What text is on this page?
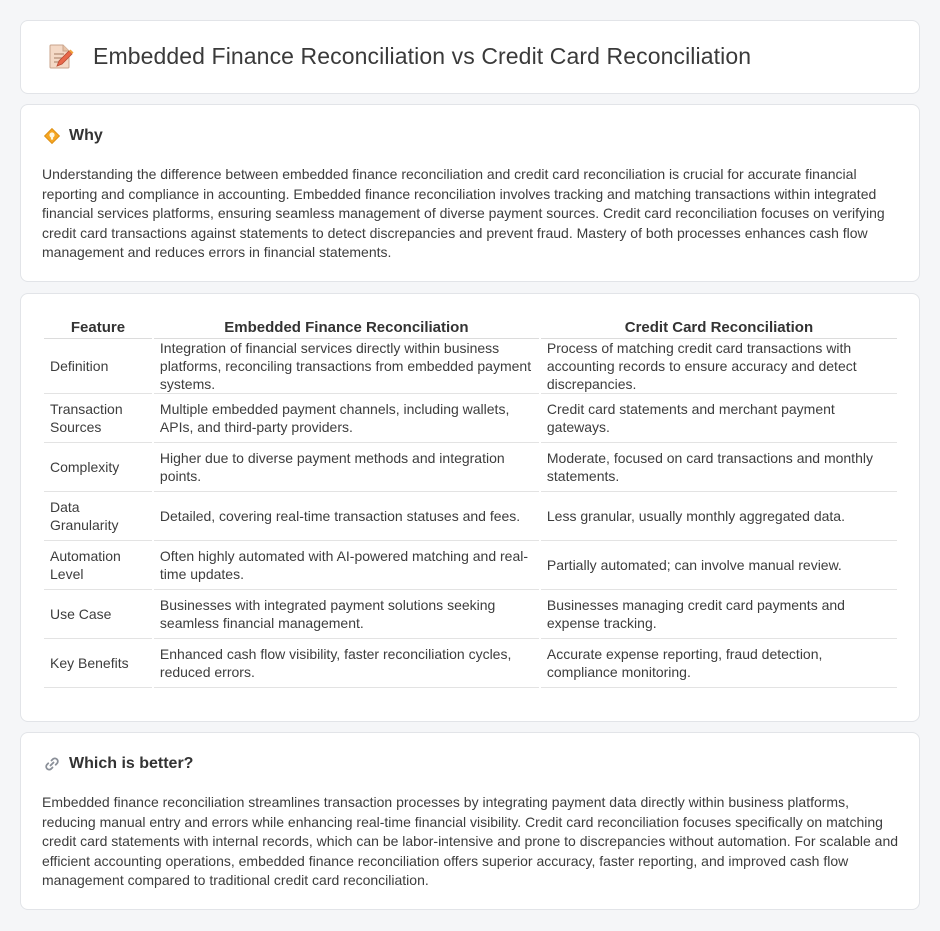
Embedded Finance Reconciliation vs Credit Card Reconciliation
Why

Understanding the difference between embedded finance reconciliation and credit card reconciliation is crucial for accurate financial reporting and compliance in accounting. Embedded finance reconciliation involves tracking and matching transactions within integrated financial services platforms, ensuring seamless management of diverse payment sources. Credit card reconciliation focuses on verifying credit card transactions against statements to detect discrepancies and prevent fraud. Mastery of both processes enhances cash flow management and reduces errors in financial statements.

Feature	Embedded Finance Reconciliation	Credit Card Reconciliation
Definition	Integration of financial services directly within business platforms, reconciling transactions from embedded payment systems.	Process of matching credit card transactions with accounting records to ensure accuracy and detect discrepancies.
Transaction Sources	Multiple embedded payment channels, including wallets, APIs, and third-party providers.	Credit card statements and merchant payment gateways.
Complexity	Higher due to diverse payment methods and integration points.	Moderate, focused on card transactions and monthly statements.
Data Granularity	Detailed, covering real-time transaction statuses and fees.	Less granular, usually monthly aggregated data.
Automation Level	Often highly automated with AI-powered matching and real-time updates.	Partially automated; can involve manual review.
Use Case	Businesses with integrated payment solutions seeking seamless financial management.	Businesses managing credit card payments and expense tracking.
Key Benefits	Enhanced cash flow visibility, faster reconciliation cycles, reduced errors.	Accurate expense reporting, fraud detection, compliance monitoring.
Which is better?

Embedded finance reconciliation streamlines transaction processes by integrating payment data directly within business platforms, reducing manual entry and errors while enhancing real-time financial visibility. Credit card reconciliation focuses specifically on matching credit card statements with internal records, which can be labor-intensive and prone to discrepancies without automation. For scalable and efficient accounting operations, embedded finance reconciliation offers superior accuracy, faster reporting, and improved cash flow management compared to traditional credit card reconciliation.
